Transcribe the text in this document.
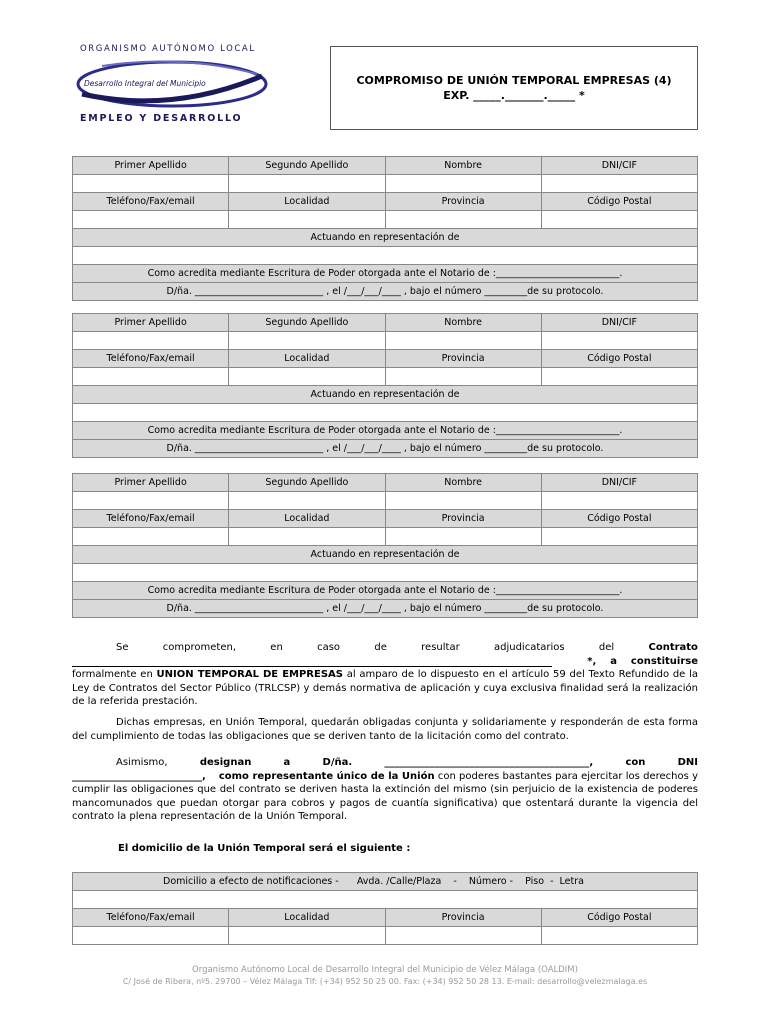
ORGANISMO AUTÓNOMO LOCAL
Desarrollo Integral del Municipio
EMPLEO Y DESARROLLO
COMPROMISO DE UNIÓN TEMPORAL EMPRESAS (4)
EXP. _____._______._____ *
Primer Apellido	Segundo Apellido	Nombre	DNI/CIF

Teléfono/Fax/email	Localidad	Provincia	Código Postal

Actuando en representación de			

Como acredita mediante Escritura de Poder otorgada ante el Notario de :__________________________.			
D/ña. ___________________________ , el /___/___/____ , bajo el número _________de su protocolo.			
Primer Apellido	Segundo Apellido	Nombre	DNI/CIF

Teléfono/Fax/email	Localidad	Provincia	Código Postal

Actuando en representación de			

Como acredita mediante Escritura de Poder otorgada ante el Notario de :__________________________.			
D/ña. ___________________________ , el /___/___/____ , bajo el número _________de su protocolo.			
Primer Apellido	Segundo Apellido	Nombre	DNI/CIF

Teléfono/Fax/email	Localidad	Provincia	Código Postal

Actuando en representación de			

Como acredita mediante Escritura de Poder otorgada ante el Notario de :__________________________.			
D/ña. ___________________________ , el /___/___/____ , bajo el número _________de su protocolo.			
Se	comprometen,	en	caso	de	resultar	adjudicatarios	del	Contrato
*,    a    constituirse
formalmente en UNION TEMPORAL DE EMPRESAS al amparo de lo dispuesto en el artículo 59 del Texto Refundido de la Ley de Contratos del Sector Público (TRLCSP) y demás normativa de aplicación y cuya exclusiva finalidad será la realización de la referida prestación.
Dichas empresas, en Unión Temporal, quedarán obligadas conjunta y solidariamente y responderán de esta forma del cumplimiento de todas las obligaciones que se deriven tanto de la licitación como del contrato.
Asimismo,	designan	a	D/ña.	_________________________________________,	con	DNI
__________________________, como representante único de la Unión con poderes bastantes para ejercitar los derechos y cumplir las obligaciones que del contrato se deriven hasta la extinción del mismo (sin perjuicio de la existencia de poderes mancomunados que puedan otorgar para cobros y pagos de cuantía significativa) que ostentará durante la vigencia del contrato la plena representación de la Unión Temporal.
El domicilio de la Unión Temporal será el siguiente :
Domicilio a efecto de notificaciones -      Avda. /Calle/Plaza    -    Número -    Piso  -  Letra			

Teléfono/Fax/email	Localidad	Provincia	Código Postal

Organismo Autónomo Local de Desarrollo Integral del Municipio de Vélez Málaga (OALDIM)
C/ José de Ribera, nº5. 29700 – Vélez Málaga Tlf: (+34) 952 50 25 00. Fax: (+34) 952 50 28 13. E-mail: desarrollo@velezmalaga.es
